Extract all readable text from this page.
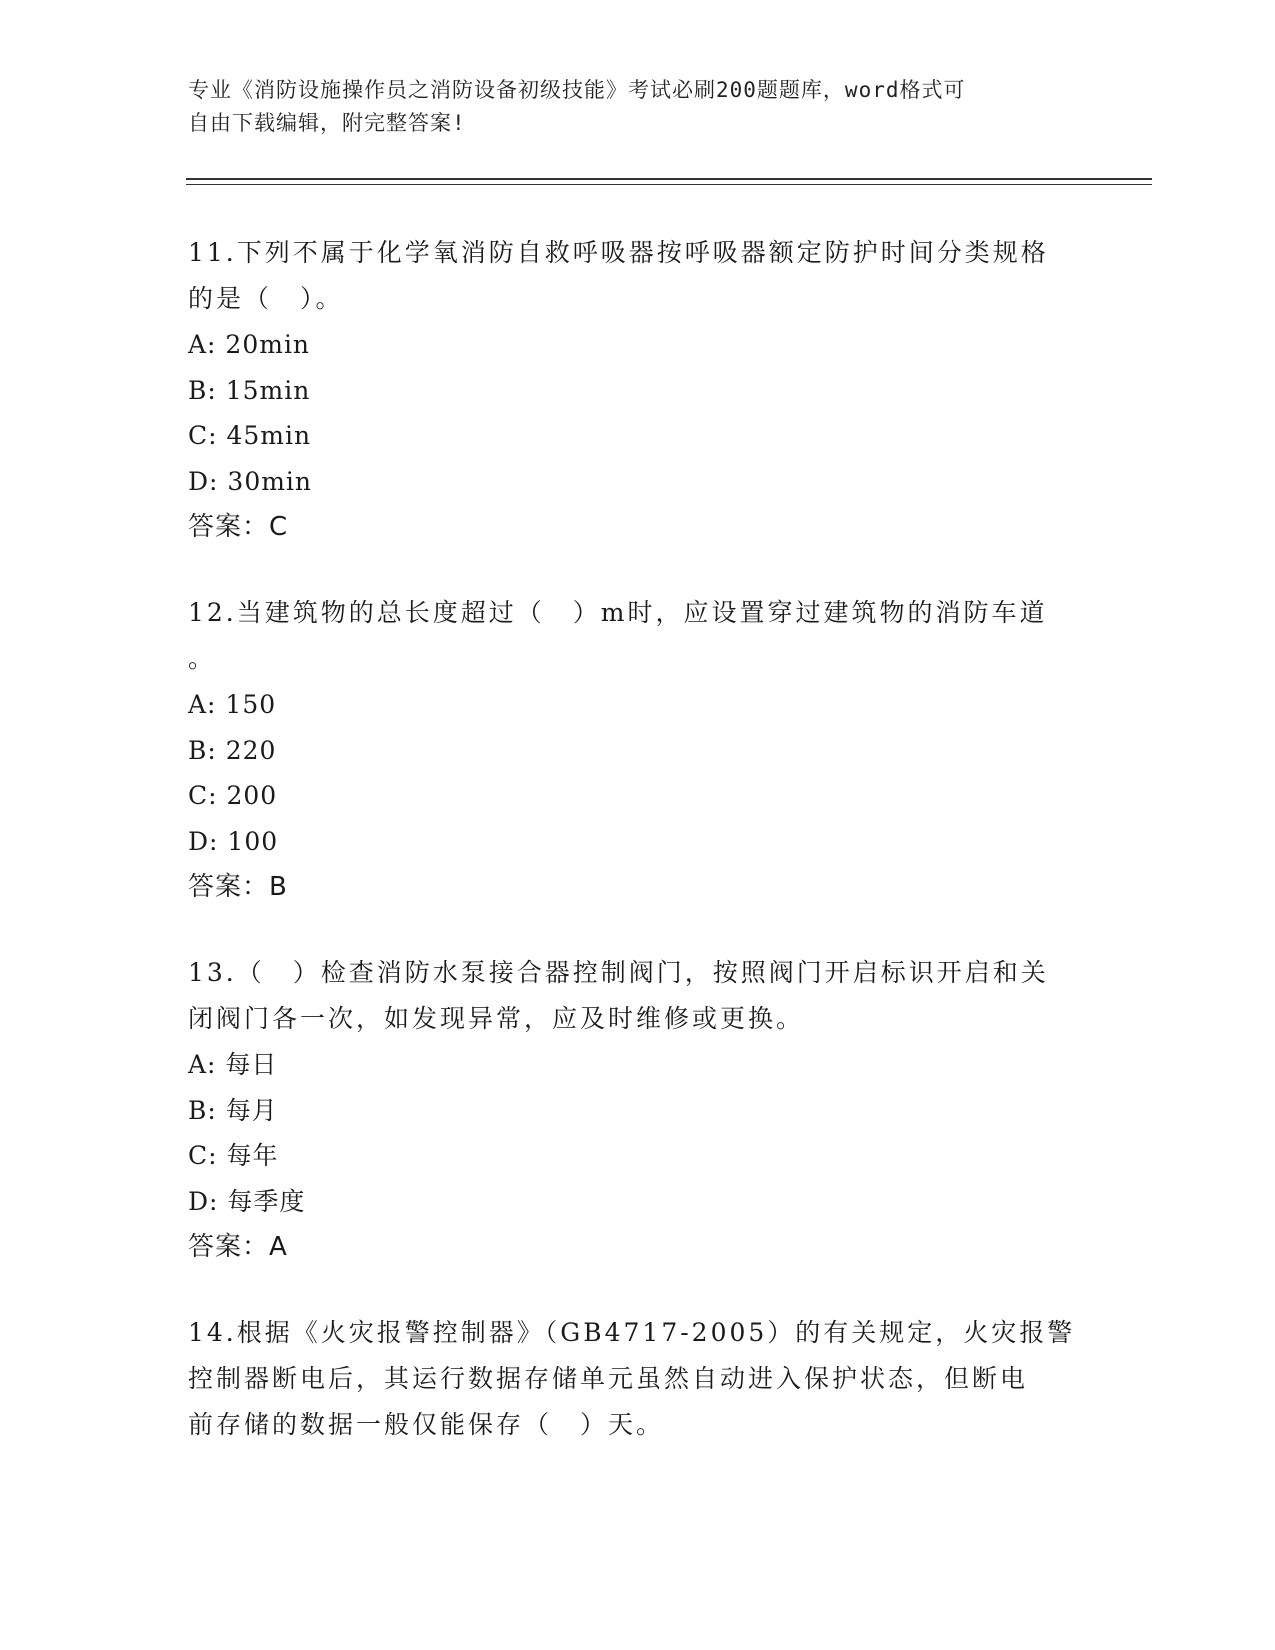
专业《消防设施操作员之消防设备初级技能》考试必刷200题题库，word格式可
自由下载编辑，附完整答案!

11.下列不属于化学氧消防自救呼吸器按呼吸器额定防护时间分类规格

的是（　）。

A: 20min

B: 15min

C: 45min

D: 30min

答案：C

12.当建筑物的总长度超过（　）m时，应设置穿过建筑物的消防车道

。

A: 150

B: 220

C: 200

D: 100

答案：B

13.（　）检查消防水泵接合器控制阀门，按照阀门开启标识开启和关

闭阀门各一次，如发现异常，应及时维修或更换。

A: 每日

B: 每月

C: 每年

D: 每季度

答案：A

14.根据《火灾报警控制器》（GB4717-2005）的有关规定，火灾报警

控制器断电后，其运行数据存储单元虽然自动进入保护状态，但断电

前存储的数据一般仅能保存（　）天。
